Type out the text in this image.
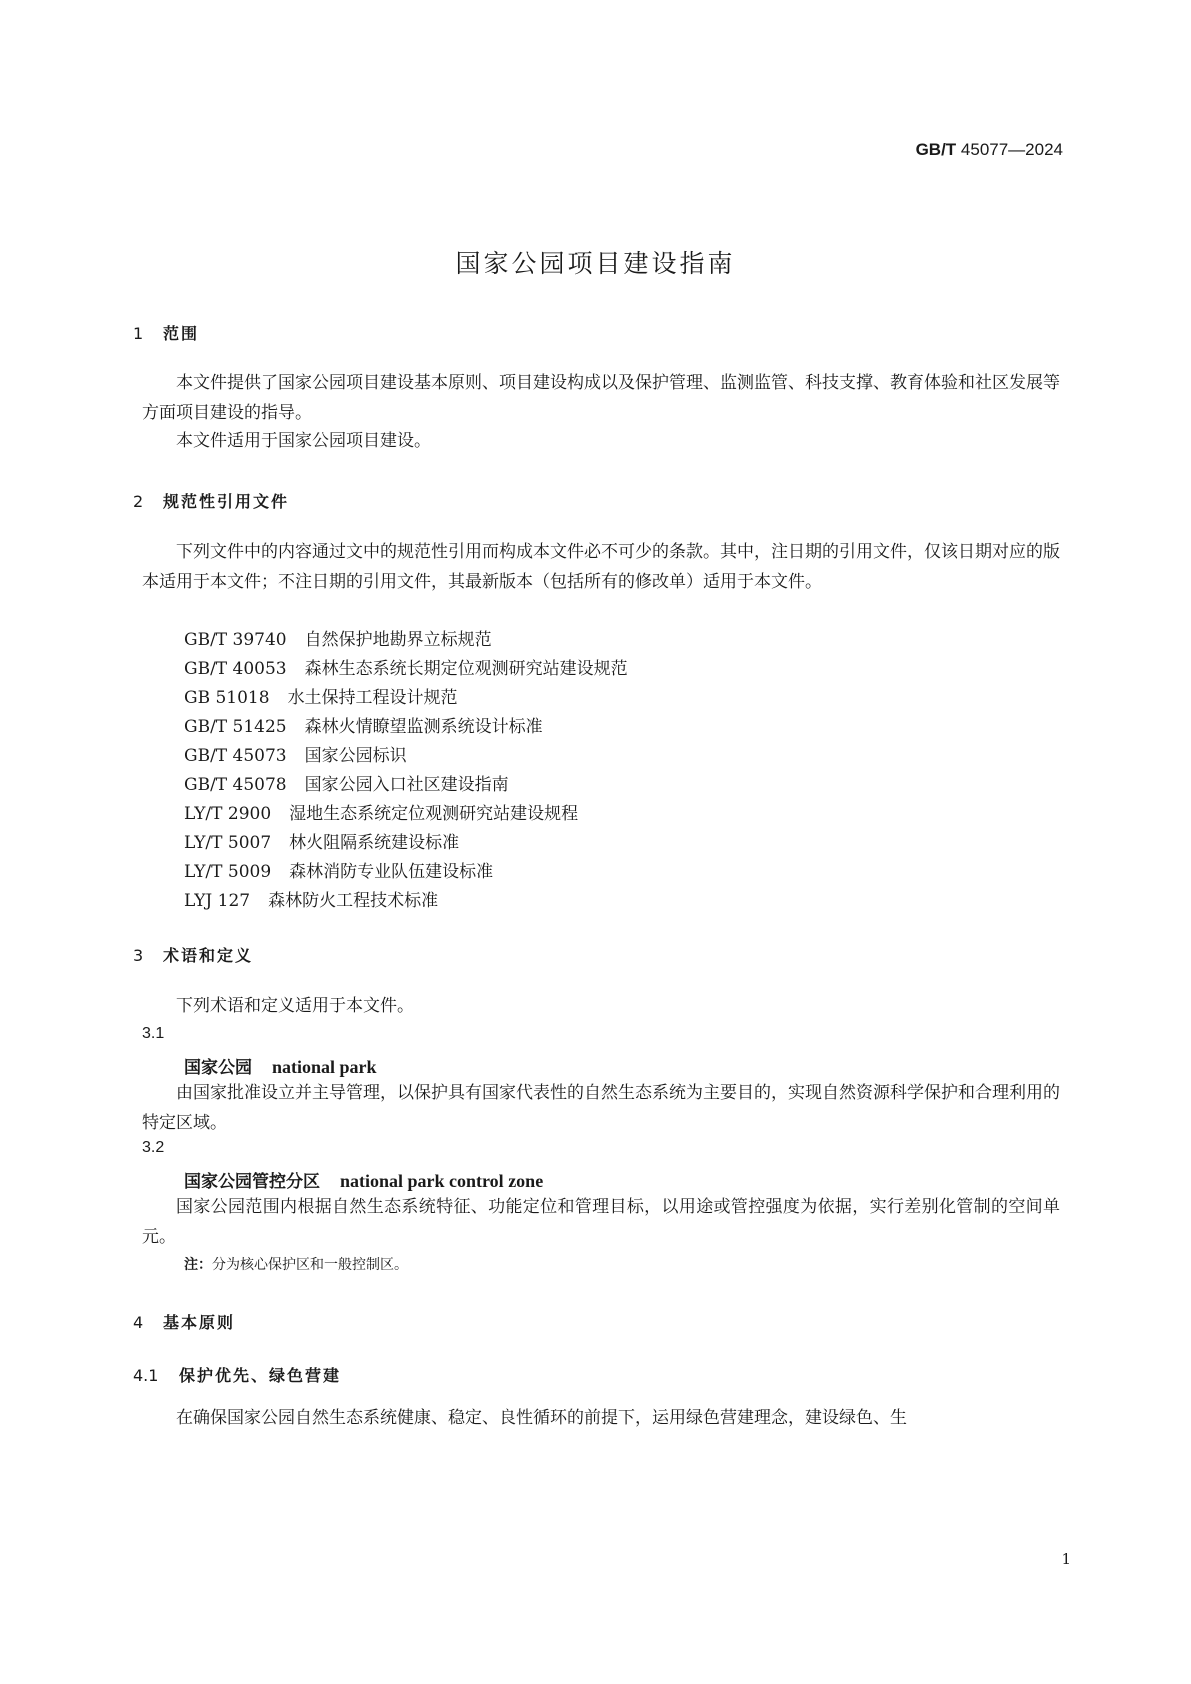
GB/T 45077—2024
国家公园项目建设指南
1 范围
本文件提供了国家公园项目建设基本原则、项目建设构成以及保护管理、监测监管、科技支撑、教育体验和社区发展等方面项目建设的指导。
本文件适用于国家公园项目建设。
2 规范性引用文件
下列文件中的内容通过文中的规范性引用而构成本文件必不可少的条款。其中，注日期的引用文件，仅该日期对应的版本适用于本文件；不注日期的引用文件，其最新版本（包括所有的修改单）适用于本文件。
GB/T 39740 自然保护地勘界立标规范
GB/T 40053 森林生态系统长期定位观测研究站建设规范
GB 51018 水土保持工程设计规范
GB/T 51425 森林火情瞭望监测系统设计标准
GB/T 45073 国家公园标识
GB/T 45078 国家公园入口社区建设指南
LY/T 2900 湿地生态系统定位观测研究站建设规程
LY/T 5007 林火阻隔系统建设标准
LY/T 5009 森林消防专业队伍建设标准
LYJ 127 森林防火工程技术标准
3 术语和定义
下列术语和定义适用于本文件。
3.1
国家公园 national park
由国家批准设立并主导管理，以保护具有国家代表性的自然生态系统为主要目的，实现自然资源科学保护和合理利用的特定区域。
3.2
国家公园管控分区 national park control zone
国家公园范围内根据自然生态系统特征、功能定位和管理目标，以用途或管控强度为依据，实行差别化管制的空间单元。
注：分为核心保护区和一般控制区。
4 基本原则
4.1 保护优先、绿色营建
在确保国家公园自然生态系统健康、稳定、良性循环的前提下，运用绿色营建理念，建设绿色、生
1
